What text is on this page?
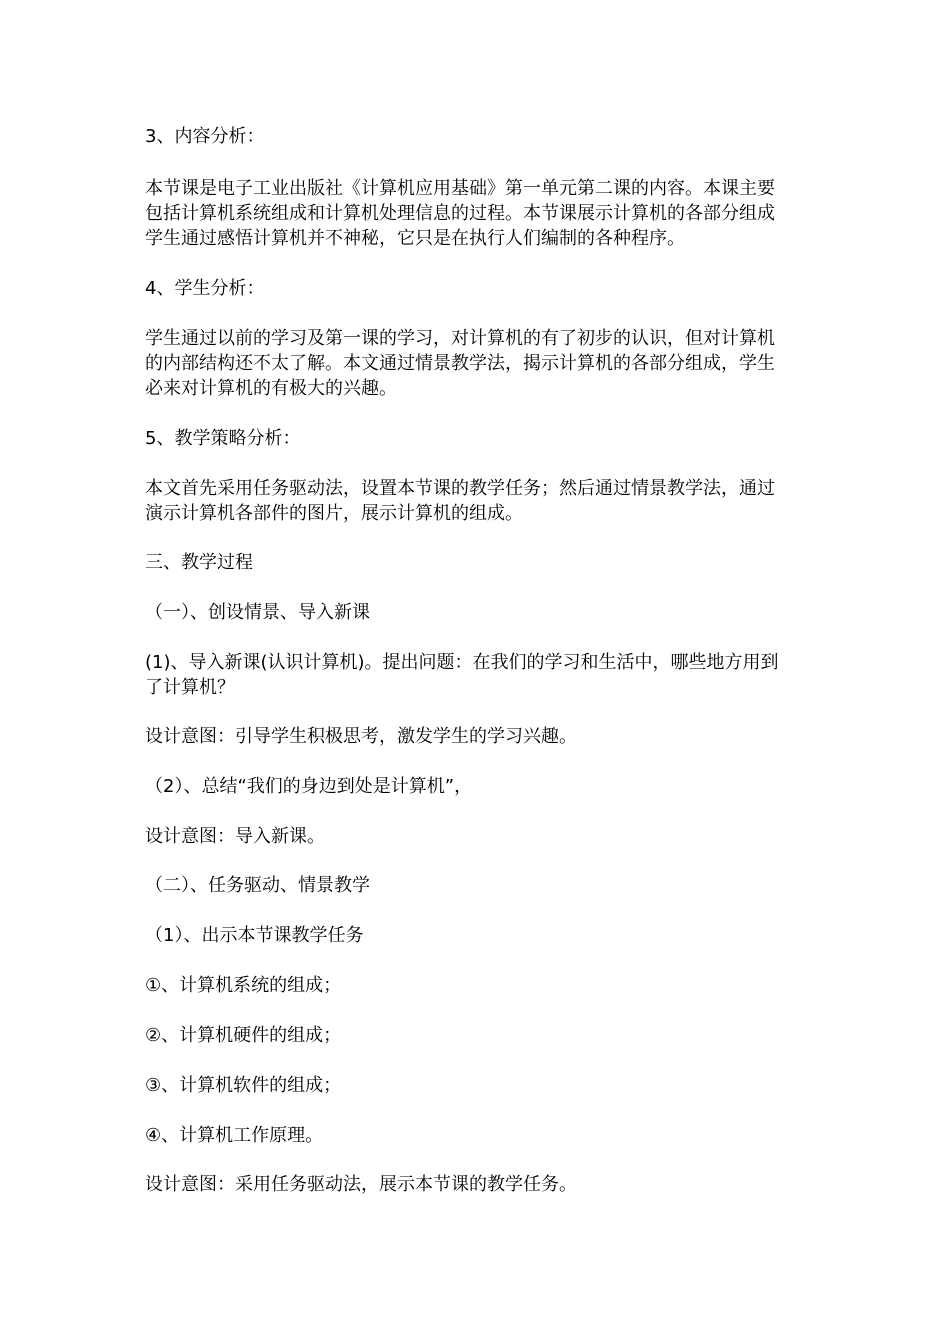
3、内容分析：
本节课是电子工业出版社《计算机应用基础》第一单元第二课的内容。本课主要
包括计算机系统组成和计算机处理信息的过程。本节课展示计算机的各部分组成
学生通过感悟计算机并不神秘，它只是在执行人们编制的各种程序。
4、学生分析：
学生通过以前的学习及第一课的学习，对计算机的有了初步的认识，但对计算机
的内部结构还不太了解。本文通过情景教学法，揭示计算机的各部分组成，学生
必来对计算机的有极大的兴趣。
5、教学策略分析：
本文首先采用任务驱动法，设置本节课的教学任务；然后通过情景教学法，通过
演示计算机各部件的图片，展示计算机的组成。
三、教学过程
（一）、创设情景、导入新课
(1)、导入新课(认识计算机)。提出问题：在我们的学习和生活中，哪些地方用到
了计算机？
设计意图：引导学生积极思考，激发学生的学习兴趣。
（2）、总结“我们的身边到处是计算机”，
设计意图：导入新课。
（二）、任务驱动、情景教学
（1）、出示本节课教学任务
①、计算机系统的组成；
②、计算机硬件的组成；
③、计算机软件的组成；
④、计算机工作原理。
设计意图：采用任务驱动法，展示本节课的教学任务。
